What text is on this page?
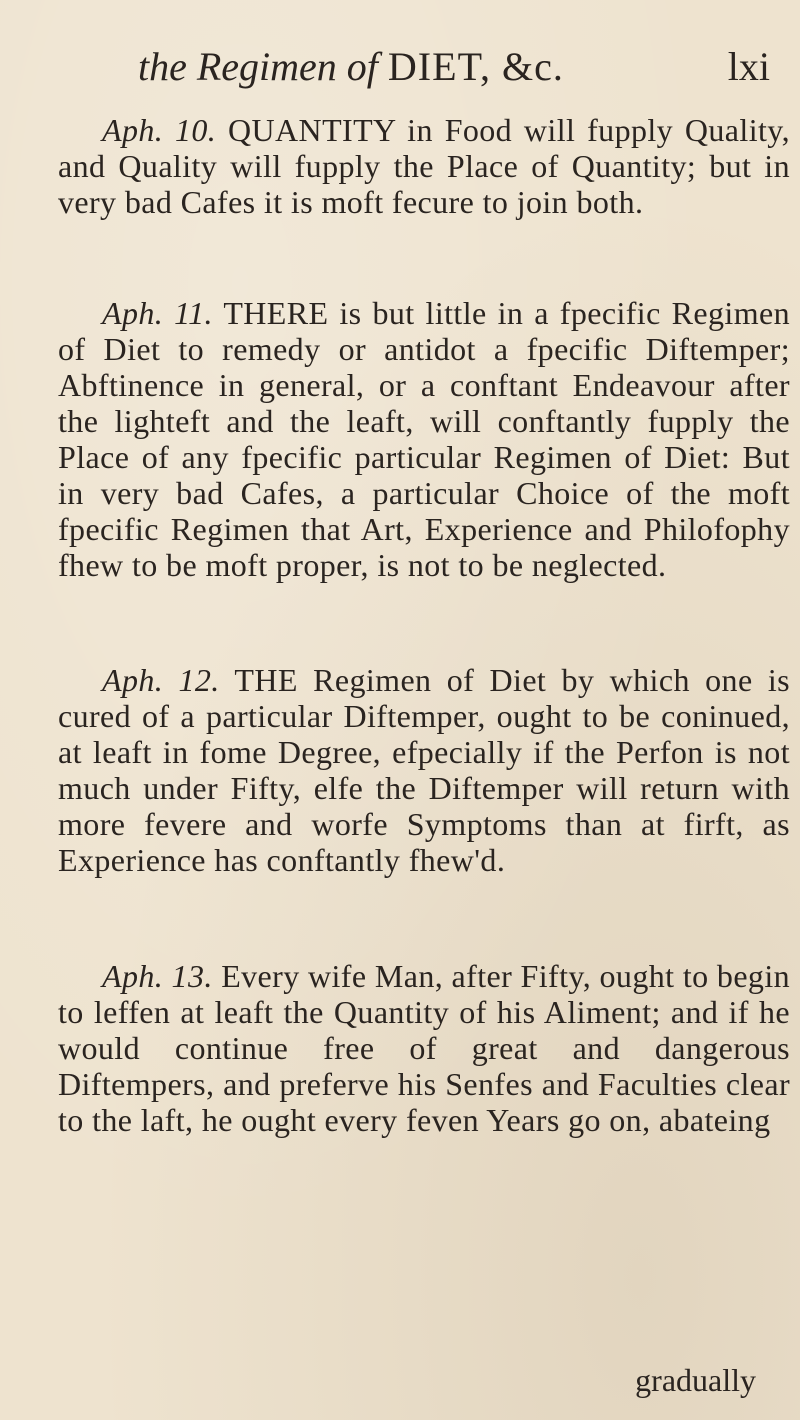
the Regimen of DIET, &c.	lxi

Aph. 10. QUANTITY in Food will fupply Quality, and Quality will fupply the Place of Quantity; but in very bad Cafes it is moft fecure to join both.

Aph. 11. THERE is but little in a fpecific Regimen of Diet to remedy or antidot a fpecific Diftemper; Abftinence in general, or a conftant Endeavour after the lighteft and the leaft, will conftantly fupply the Place of any fpecific particular Regimen of Diet: But in very bad Cafes, a particular Choice of the moft fpecific Regimen that Art, Experience and Philofophy fhew to be moft proper, is not to be neglected.

Aph. 12. THE Regimen of Diet by which one is cured of a particular Diftemper, ought to be coninued, at leaft in fome Degree, efpecially if the Perfon is not much under Fifty, elfe the Diftemper will return with more fevere and worfe Symptoms than at firft, as Experience has conftantly fhew'd.

Aph. 13. Every wife Man, after Fifty, ought to begin to leffen at leaft the Quantity of his Aliment; and if he would continue free of great and dangerous Diftempers, and preferve his Senfes and Faculties clear to the laft, he ought every feven Years go on, abateing

gradually
